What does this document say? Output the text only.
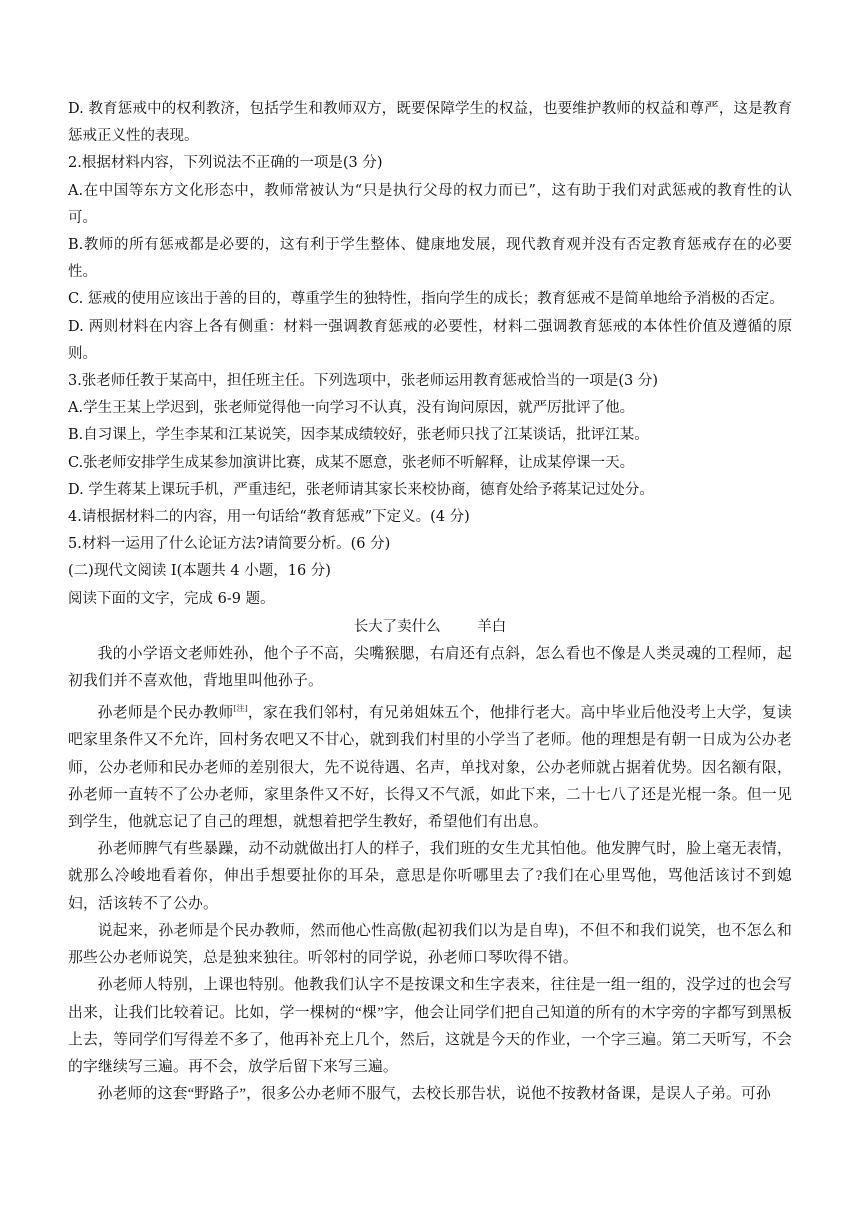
D. 教育惩戒中的权利教济，包括学生和教师双方，既要保障学生的权益，也要维护教师的权益和尊严，这是教育惩戒正义性的表现。

2.根据材料内容，下列说法不正确的一项是(3 分)

A.在中国等东方文化形态中，教师常被认为“只是执行父母的权力而已”，这有助于我们对武惩戒的教育性的认可。

B.教师的所有惩戒都是必要的，这有利于学生整体、健康地发展，现代教育观并没有否定教育惩戒存在的必要性。

C. 惩戒的使用应该出于善的目的，尊重学生的独特性，指向学生的成长；教育惩戒不是简单地给予消极的否定。

D. 两则材料在内容上各有侧重：材料一强调教育惩戒的必要性，材料二强调教育惩戒的本体性价值及遵循的原则。

3.张老师任教于某高中，担任班主任。下列选项中，张老师运用教育惩戒恰当的一项是(3 分)

A.学生王某上学迟到，张老师觉得他一向学习不认真，没有询问原因，就严厉批评了他。

B.自习课上，学生李某和江某说笑，因李某成绩较好，张老师只找了江某谈话，批评江某。

C.张老师安排学生成某参加演讲比赛，成某不愿意，张老师不听解释，让成某停课一天。

D. 学生蒋某上课玩手机，严重违纪，张老师请其家长来校协商，德育处给予蒋某记过处分。

4.请根据材料二的内容，用一句话给“教育惩戒”下定义。(4 分)

5.材料一运用了什么论证方法?请简要分析。(6 分)

(二)现代文阅读 I(本题共 4 小题，16 分)

阅读下面的文字，完成 6-9 题。

长大了卖什么	羊白

我的小学语文老师姓孙，他个子不高，尖嘴猴腮，右肩还有点斜，怎么看也不像是人类灵魂的工程师，起初我们并不喜欢他，背地里叫他孙子。

孙老师是个民办教师[注]，家在我们邻村，有兄弟姐妹五个，他排行老大。高中毕业后他没考上大学，复读吧家里条件又不允许，回村务农吧又不甘心，就到我们村里的小学当了老师。他的理想是有朝一日成为公办老师，公办老师和民办老师的差别很大，先不说待遇、名声，单找对象，公办老师就占据着优势。因名额有限，孙老师一直转不了公办老师，家里条件又不好，长得又不气派，如此下来，二十七八了还是光棍一条。但一见到学生，他就忘记了自己的理想，就想着把学生教好，希望他们有出息。

孙老师脾气有些暴躁，动不动就做出打人的样子，我们班的女生尤其怕他。他发脾气时，脸上毫无表情，就那么冷峻地看着你，伸出手想要扯你的耳朵，意思是你听哪里去了?我们在心里骂他，骂他活该讨不到媳妇，活该转不了公办。

说起来，孙老师是个民办教师，然而他心性高傲(起初我们以为是自卑)，不但不和我们说笑，也不怎么和那些公办老师说笑，总是独来独往。听邻村的同学说，孙老师口琴吹得不错。

孙老师人特别，上课也特别。他教我们认字不是按课文和生字表来，往往是一组一组的，没学过的也会写出来，让我们比较着记。比如，学一棵树的“棵”字，他会让同学们把自己知道的所有的木字旁的字都写到黑板上去，等同学们写得差不多了，他再补充上几个，然后，这就是今天的作业，一个字三遍。第二天听写，不会的字继续写三遍。再不会，放学后留下来写三遍。

孙老师的这套“野路子”，很多公办老师不服气，去校长那告状，说他不按教材备课，是误人子弟。可孙
